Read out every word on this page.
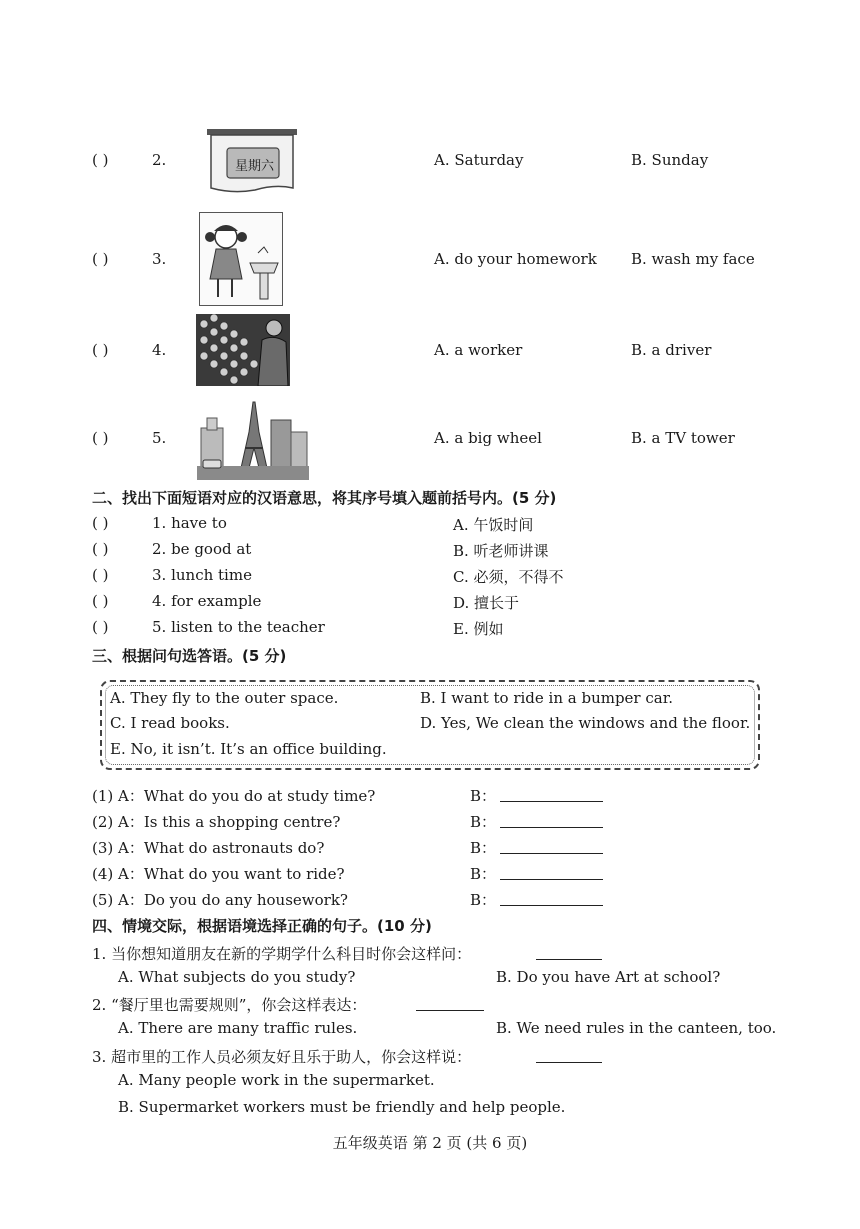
( )	2.	星期六	A. Saturday	B. Sunday
( )	3.	A. do your homework B. wash my face
( )	4.	A. a worker	B. a driver
( )	5.	A. a big wheel	B. a TV tower
二、找出下面短语对应的汉语意思，将其序号填入题前括号内。(5 分)
( )	1. have to	A. 午饭时间
( )	2. be good at	B. 听老师讲课
( )	3. lunch time	C. 必须，不得不
( )	4. for example	D. 擅长于
( )	5. listen to the teacher	E. 例如
三、根据问句选答语。(5 分)
A. They fly to the outer space.	B. I want to ride in a bumper car.
C. I read books.	D. Yes, We clean the windows and the floor.
E. No, it isn’t. It’s an office building.
(1) A：What do you do at study time?	B：
(2) A：Is this a shopping centre?	B：
(3) A：What do astronauts do?	B：
(4) A：What do you want to ride?	B：
(5) A：Do you do any housework?	B：
四、情境交际，根据语境选择正确的句子。(10 分)
1. 当你想知道朋友在新的学期学什么科目时你会这样问：
A. What subjects do you study?	B. Do you have Art at school?
2. “餐厅里也需要规则”，你会这样表达：
A. There are many traffic rules.	B. We need rules in the canteen, too.
3. 超市里的工作人员必须友好且乐于助人，你会这样说：
A. Many people work in the supermarket.
B. Supermarket workers must be friendly and help people.
五年级英语 第 2 页 (共 6 页)
